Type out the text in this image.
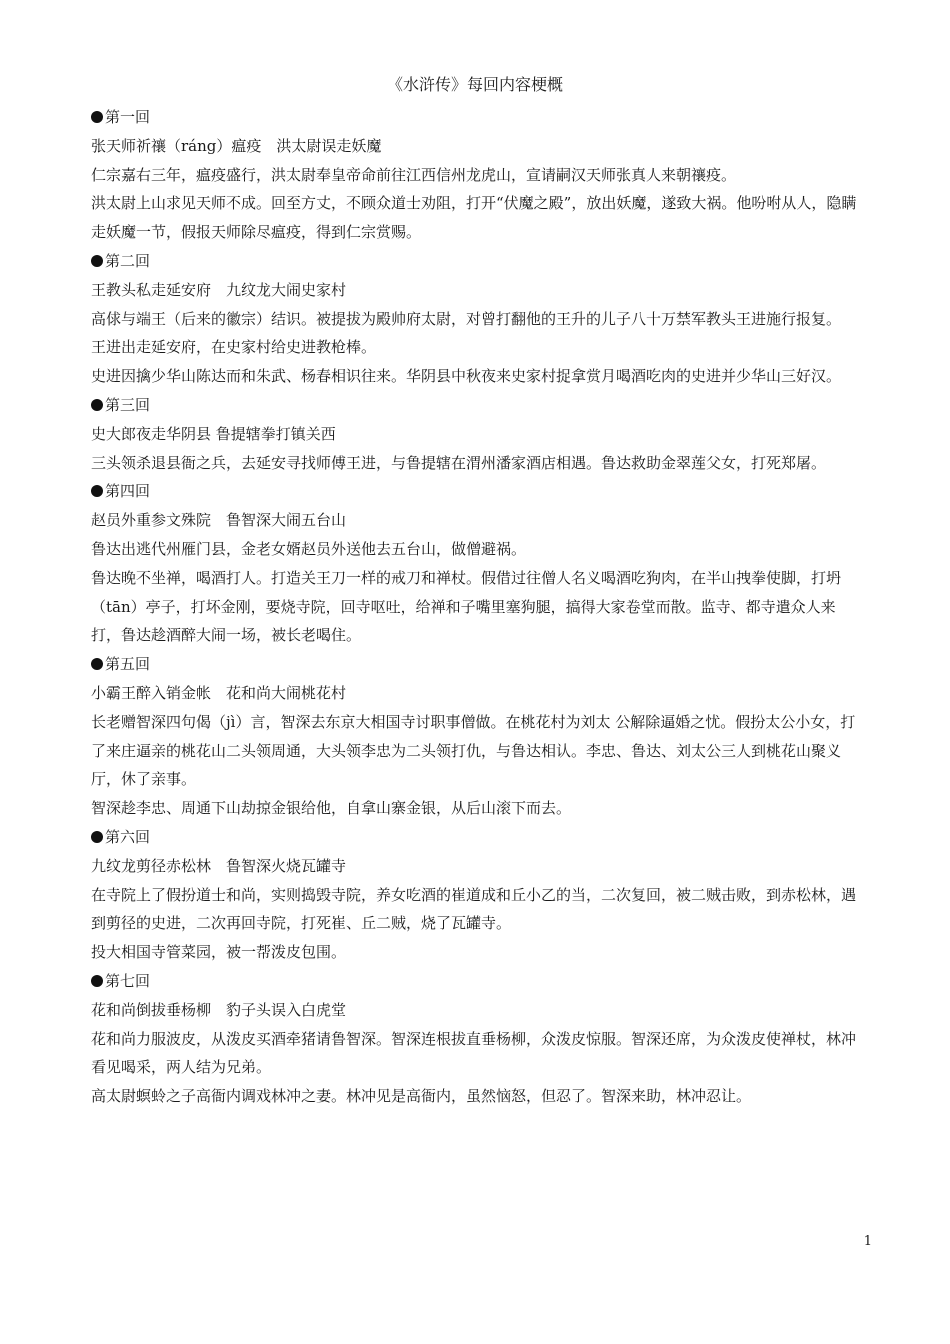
《水浒传》每回内容梗概

第一回

张天师祈禳（ráng）瘟疫　洪太尉误走妖魔

仁宗嘉右三年，瘟疫盛行，洪太尉奉皇帝命前往江西信州龙虎山，宣请嗣汉天师张真人来朝禳疫。

洪太尉上山求见天师不成。回至方丈，不顾众道士劝阻，打开“伏魔之殿”，放出妖魔，遂致大祸。他吩咐从人，隐瞒走妖魔一节，假报天师除尽瘟疫，得到仁宗赏赐。

第二回

王教头私走延安府　九纹龙大闹史家村

高俅与端王（后来的徽宗）结识。被提拔为殿帅府太尉，对曾打翻他的王升的儿子八十万禁军教头王进施行报复。

王进出走延安府，在史家村给史进教枪棒。

史进因擒少华山陈达而和朱武、杨春相识往来。华阴县中秋夜来史家村捉拿赏月喝酒吃肉的史进并少华山三好汉。

第三回

史大郎夜走华阴县 鲁提辖拳打镇关西

三头领杀退县衙之兵，去延安寻找师傅王进，与鲁提辖在渭州潘家酒店相遇。鲁达救助金翠莲父女，打死郑屠。

第四回

赵员外重参文殊院　鲁智深大闹五台山

鲁达出逃代州雁门县，金老女婿赵员外送他去五台山，做僧避祸。

鲁达晚不坐禅，喝酒打人。打造关王刀一样的戒刀和禅杖。假借过往僧人名义喝酒吃狗肉，在半山拽拳使脚，打坍（tān）亭子，打坏金刚，要烧寺院，回寺呕吐，给禅和子嘴里塞狗腿，搞得大家卷堂而散。监寺、都寺遣众人来打，鲁达趁酒醉大闹一场，被长老喝住。

第五回

小霸王醉入销金帐　花和尚大闹桃花村

长老赠智深四句偈（jì）言，智深去东京大相国寺讨职事僧做。在桃花村为刘太 公解除逼婚之忧。假扮太公小女，打了来庄逼亲的桃花山二头领周通，大头领李忠为二头领打仇，与鲁达相认。李忠、鲁达、刘太公三人到桃花山聚义厅，休了亲事。

智深趁李忠、周通下山劫掠金银给他，自拿山寨金银，从后山滚下而去。

第六回

九纹龙剪径赤松林　鲁智深火烧瓦罐寺

在寺院上了假扮道士和尚，实则捣毁寺院，养女吃酒的崔道成和丘小乙的当，二次复回，被二贼击败，到赤松林，遇到剪径的史进，二次再回寺院，打死崔、丘二贼，烧了瓦罐寺。

投大相国寺管菜园，被一帮泼皮包围。

第七回

花和尚倒拔垂杨柳　豹子头误入白虎堂

花和尚力服波皮，从泼皮买酒牵猪请鲁智深。智深连根拔直垂杨柳，众泼皮惊服。智深还席，为众泼皮使禅杖，林冲看见喝采，两人结为兄弟。

高太尉螟蛉之子高衙内调戏林冲之妻。林冲见是高衙内，虽然恼怒，但忍了。智深来助，林冲忍让。

1
